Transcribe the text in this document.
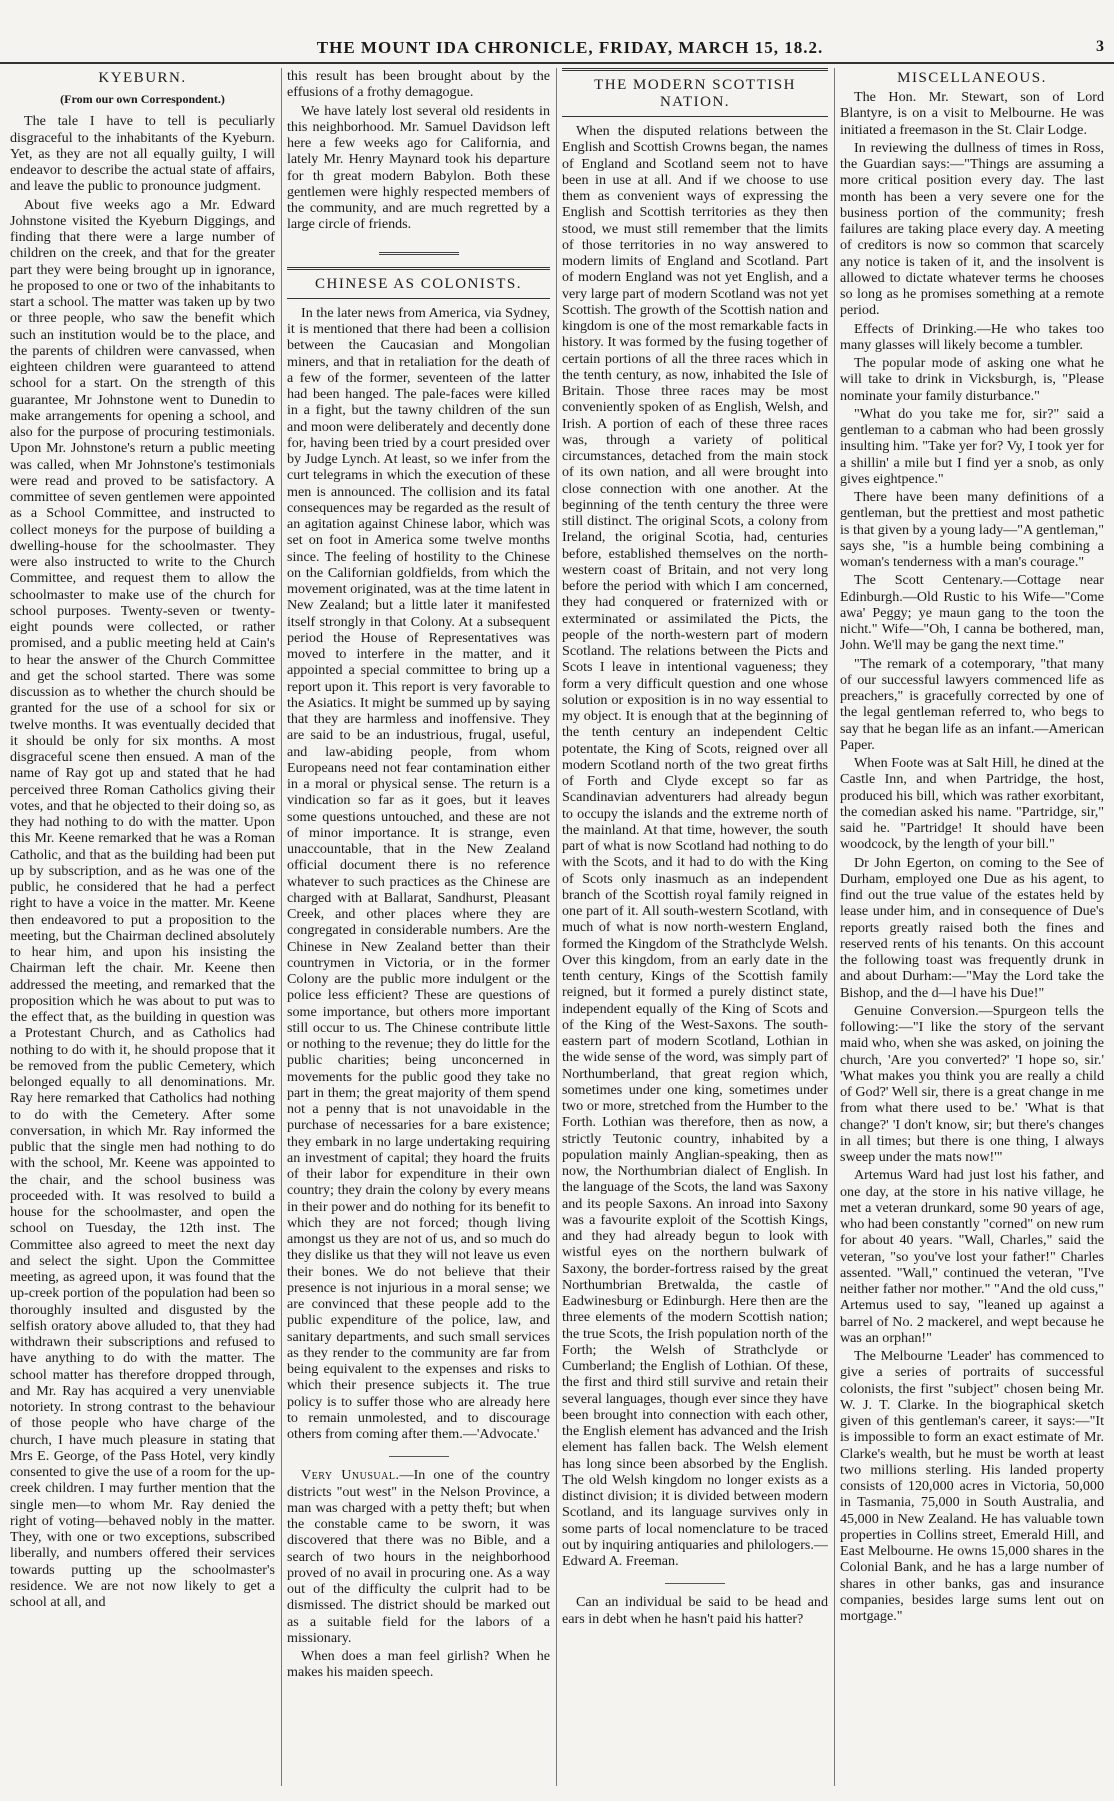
THE MOUNT IDA CHRONICLE, FRIDAY, MARCH 15, 18.2.	3
KYEBURN.

(From our own Correspondent.)

The tale I have to tell is peculiarly disgraceful to the inhabitants of the Kyeburn. Yet, as they are not all equally guilty, I will endeavor to describe the actual state of affairs, and leave the public to pronounce judgment.

About five weeks ago a Mr. Edward Johnstone visited the Kyeburn Diggings, and finding that there were a large number of children on the creek, and that for the greater part they were being brought up in ignorance, he proposed to one or two of the inhabitants to start a school. The matter was taken up by two or three people, who saw the benefit which such an institution would be to the place, and the parents of children were canvassed, when eighteen children were guaranteed to attend school for a start. On the strength of this guarantee, Mr Johnstone went to Dunedin to make arrangements for opening a school, and also for the purpose of procuring testimonials. Upon Mr. Johnstone's return a public meeting was called, when Mr Johnstone's testimonials were read and proved to be satisfactory. A committee of seven gentlemen were appointed as a School Committee, and instructed to collect moneys for the purpose of building a dwelling-house for the schoolmaster. They were also instructed to write to the Church Committee, and request them to allow the schoolmaster to make use of the church for school purposes. Twenty-seven or twenty-eight pounds were collected, or rather promised, and a public meeting held at Cain's to hear the answer of the Church Committee and get the school started. There was some discussion as to whether the church should be granted for the use of a school for six or twelve months. It was eventually decided that it should be only for six months. A most disgraceful scene then ensued. A man of the name of Ray got up and stated that he had perceived three Roman Catholics giving their votes, and that he objected to their doing so, as they had nothing to do with the matter. Upon this Mr. Keene remarked that he was a Roman Catholic, and that as the building had been put up by subscription, and as he was one of the public, he considered that he had a perfect right to have a voice in the matter. Mr. Keene then endeavored to put a proposition to the meeting, but the Chairman declined absolutely to hear him, and upon his insisting the Chairman left the chair. Mr. Keene then addressed the meeting, and remarked that the proposition which he was about to put was to the effect that, as the building in question was a Protestant Church, and as Catholics had nothing to do with it, he should propose that it be removed from the public Cemetery, which belonged equally to all denominations. Mr. Ray here remarked that Catholics had nothing to do with the Cemetery. After some conversation, in which Mr. Ray informed the public that the single men had nothing to do with the school, Mr. Keene was appointed to the chair, and the school business was proceeded with. It was resolved to build a house for the schoolmaster, and open the school on Tuesday, the 12th inst. The Committee also agreed to meet the next day and select the sight. Upon the Committee meeting, as agreed upon, it was found that the up-creek portion of the population had been so thoroughly insulted and disgusted by the selfish oratory above alluded to, that they had withdrawn their subscriptions and refused to have anything to do with the matter. The school matter has therefore dropped through, and Mr. Ray has acquired a very unenviable notoriety. In strong contrast to the behaviour of those people who have charge of the church, I have much pleasure in stating that Mrs E. George, of the Pass Hotel, very kindly consented to give the use of a room for the up-creek children. I may further mention that the single men—to whom Mr. Ray denied the right of voting—behaved nobly in the matter. They, with one or two exceptions, subscribed liberally, and numbers offered their services towards putting up the schoolmaster's residence. We are not now likely to get a school at all, and

this result has been brought about by the effusions of a frothy demagogue.

We have lately lost several old residents in this neighborhood. Mr. Samuel Davidson left here a few weeks ago for California, and lately Mr. Henry Maynard took his departure for th great modern Babylon. Both these gentlemen were highly respected members of the community, and are much regretted by a large circle of friends.

CHINESE AS COLONISTS.

In the later news from America, via Sydney, it is mentioned that there had been a collision between the Caucasian and Mongolian miners, and that in retaliation for the death of a few of the former, seventeen of the latter had been hanged. The pale-faces were killed in a fight, but the tawny children of the sun and moon were deliberately and decently done for, having been tried by a court presided over by Judge Lynch. At least, so we infer from the curt telegrams in which the execution of these men is announced. The collision and its fatal consequences may be regarded as the result of an agitation against Chinese labor, which was set on foot in America some twelve months since. The feeling of hostility to the Chinese on the Californian goldfields, from which the movement originated, was at the time latent in New Zealand; but a little later it manifested itself strongly in that Colony. At a subsequent period the House of Representatives was moved to interfere in the matter, and it appointed a special committee to bring up a report upon it. This report is very favorable to the Asiatics. It might be summed up by saying that they are harmless and inoffensive. They are said to be an industrious, frugal, useful, and law-abiding people, from whom Europeans need not fear contamination either in a moral or physical sense. The return is a vindication so far as it goes, but it leaves some questions untouched, and these are not of minor importance. It is strange, even unaccountable, that in the New Zealand official document there is no reference whatever to such practices as the Chinese are charged with at Ballarat, Sandhurst, Pleasant Creek, and other places where they are congregated in considerable numbers. Are the Chinese in New Zealand better than their countrymen in Victoria, or in the former Colony are the public more indulgent or the police less efficient? These are questions of some importance, but others more important still occur to us. The Chinese contribute little or nothing to the revenue; they do little for the public charities; being unconcerned in movements for the public good they take no part in them; the great majority of them spend not a penny that is not unavoidable in the purchase of necessaries for a bare existence; they embark in no large undertaking requiring an investment of capital; they hoard the fruits of their labor for expenditure in their own country; they drain the colony by every means in their power and do nothing for its benefit to which they are not forced; though living amongst us they are not of us, and so much do they dislike us that they will not leave us even their bones. We do not believe that their presence is not injurious in a moral sense; we are convinced that these people add to the public expenditure of the police, law, and sanitary departments, and such small services as they render to the community are far from being equivalent to the expenses and risks to which their presence subjects it. The true policy is to suffer those who are already here to remain unmolested, and to discourage others from coming after them.—'Advocate.'

Very Unusual.—In one of the country districts "out west" in the Nelson Province, a man was charged with a petty theft; but when the constable came to be sworn, it was discovered that there was no Bible, and a search of two hours in the neighborhood proved of no avail in procuring one. As a way out of the difficulty the culprit had to be dismissed. The district should be marked out as a suitable field for the labors of a missionary.

When does a man feel girlish? When he makes his maiden speech.

THE MODERN SCOTTISH NATION.

When the disputed relations between the English and Scottish Crowns began, the names of England and Scotland seem not to have been in use at all. And if we choose to use them as convenient ways of expressing the English and Scottish territories as they then stood, we must still remember that the limits of those territories in no way answered to modern limits of England and Scotland. Part of modern England was not yet English, and a very large part of modern Scotland was not yet Scottish. The growth of the Scottish nation and kingdom is one of the most remarkable facts in history. It was formed by the fusing together of certain portions of all the three races which in the tenth century, as now, inhabited the Isle of Britain. Those three races may be most conveniently spoken of as English, Welsh, and Irish. A portion of each of these three races was, through a variety of political circumstances, detached from the main stock of its own nation, and all were brought into close connection with one another. At the beginning of the tenth century the three were still distinct. The original Scots, a colony from Ireland, the original Scotia, had, centuries before, established themselves on the north-western coast of Britain, and not very long before the period with which I am concerned, they had conquered or fraternized with or exterminated or assimilated the Picts, the people of the north-western part of modern Scotland. The relations between the Picts and Scots I leave in intentional vagueness; they form a very difficult question and one whose solution or exposition is in no way essential to my object. It is enough that at the beginning of the tenth century an independent Celtic potentate, the King of Scots, reigned over all modern Scotland north of the two great firths of Forth and Clyde except so far as Scandinavian adventurers had already begun to occupy the islands and the extreme north of the mainland. At that time, however, the south part of what is now Scotland had nothing to do with the Scots, and it had to do with the King of Scots only inasmuch as an independent branch of the Scottish royal family reigned in one part of it. All south-western Scotland, with much of what is now north-western England, formed the Kingdom of the Strathclyde Welsh. Over this kingdom, from an early date in the tenth century, Kings of the Scottish family reigned, but it formed a purely distinct state, independent equally of the King of Scots and of the King of the West-Saxons. The south-eastern part of modern Scotland, Lothian in the wide sense of the word, was simply part of Northumberland, that great region which, sometimes under one king, sometimes under two or more, stretched from the Humber to the Forth. Lothian was therefore, then as now, a strictly Teutonic country, inhabited by a population mainly Anglian-speaking, then as now, the Northumbrian dialect of English. In the language of the Scots, the land was Saxony and its people Saxons. An inroad into Saxony was a favourite exploit of the Scottish Kings, and they had already begun to look with wistful eyes on the northern bulwark of Saxony, the border-fortress raised by the great Northumbrian Bretwalda, the castle of Eadwinesburg or Edinburgh. Here then are the three elements of the modern Scottish nation; the true Scots, the Irish population north of the Forth; the Welsh of Strathclyde or Cumberland; the English of Lothian. Of these, the first and third still survive and retain their several languages, though ever since they have been brought into connection with each other, the English element has advanced and the Irish element has fallen back. The Welsh element has long since been absorbed by the English. The old Welsh kingdom no longer exists as a distinct division; it is divided between modern Scotland, and its language survives only in some parts of local nomenclature to be traced out by inquiring antiquaries and philologers.—Edward A. Freeman.

Can an individual be said to be head and ears in debt when he hasn't paid his hatter?

MISCELLANEOUS.

The Hon. Mr. Stewart, son of Lord Blantyre, is on a visit to Melbourne. He was initiated a freemason in the St. Clair Lodge.

In reviewing the dullness of times in Ross, the Guardian says:—"Things are assuming a more critical position every day. The last month has been a very severe one for the business portion of the community; fresh failures are taking place every day. A meeting of creditors is now so common that scarcely any notice is taken of it, and the insolvent is allowed to dictate whatever terms he chooses so long as he promises something at a remote period.

Effects of Drinking.—He who takes too many glasses will likely become a tumbler.

The popular mode of asking one what he will take to drink in Vicksburgh, is, "Please nominate your family disturbance."

"What do you take me for, sir?" said a gentleman to a cabman who had been grossly insulting him. "Take yer for? Vy, I took yer for a shillin' a mile but I find yer a snob, as only gives eightpence."

There have been many definitions of a gentleman, but the prettiest and most pathetic is that given by a young lady—"A gentleman," says she, "is a humble being combining a woman's tenderness with a man's courage."

The Scott Centenary.—Cottage near Edinburgh.—Old Rustic to his Wife—"Come awa' Peggy; ye maun gang to the toon the nicht." Wife—"Oh, I canna be bothered, man, John. We'll may be gang the next time."

"The remark of a cotemporary, "that many of our successful lawyers commenced life as preachers," is gracefully corrected by one of the legal gentleman referred to, who begs to say that he began life as an infant.—American Paper.

When Foote was at Salt Hill, he dined at the Castle Inn, and when Partridge, the host, produced his bill, which was rather exorbitant, the comedian asked his name. "Partridge, sir," said he. "Partridge! It should have been woodcock, by the length of your bill."

Dr John Egerton, on coming to the See of Durham, employed one Due as his agent, to find out the true value of the estates held by lease under him, and in consequence of Due's reports greatly raised both the fines and reserved rents of his tenants. On this account the following toast was frequently drunk in and about Durham:—"May the Lord take the Bishop, and the d—l have his Due!"

Genuine Conversion.—Spurgeon tells the following:—"I like the story of the servant maid who, when she was asked, on joining the church, 'Are you converted?' 'I hope so, sir.' 'What makes you think you are really a child of God?' Well sir, there is a great change in me from what there used to be.' 'What is that change?' 'I don't know, sir; but there's changes in all times; but there is one thing, I always sweep under the mats now!'"

Artemus Ward had just lost his father, and one day, at the store in his native village, he met a veteran drunkard, some 90 years of age, who had been constantly "corned" on new rum for about 40 years. "Wall, Charles," said the veteran, "so you've lost your father!" Charles assented. "Wall," continued the veteran, "I've neither father nor mother." "And the old cuss," Artemus used to say, "leaned up against a barrel of No. 2 mackerel, and wept because he was an orphan!"

The Melbourne 'Leader' has commenced to give a series of portraits of successful colonists, the first "subject" chosen being Mr. W. J. T. Clarke. In the biographical sketch given of this gentleman's career, it says:—"It is impossible to form an exact estimate of Mr. Clarke's wealth, but he must be worth at least two millions sterling. His landed property consists of 120,000 acres in Victoria, 50,000 in Tasmania, 75,000 in South Australia, and 45,000 in New Zealand. He has valuable town properties in Collins street, Emerald Hill, and East Melbourne. He owns 15,000 shares in the Colonial Bank, and he has a large number of shares in other banks, gas and insurance companies, besides large sums lent out on mortgage."
